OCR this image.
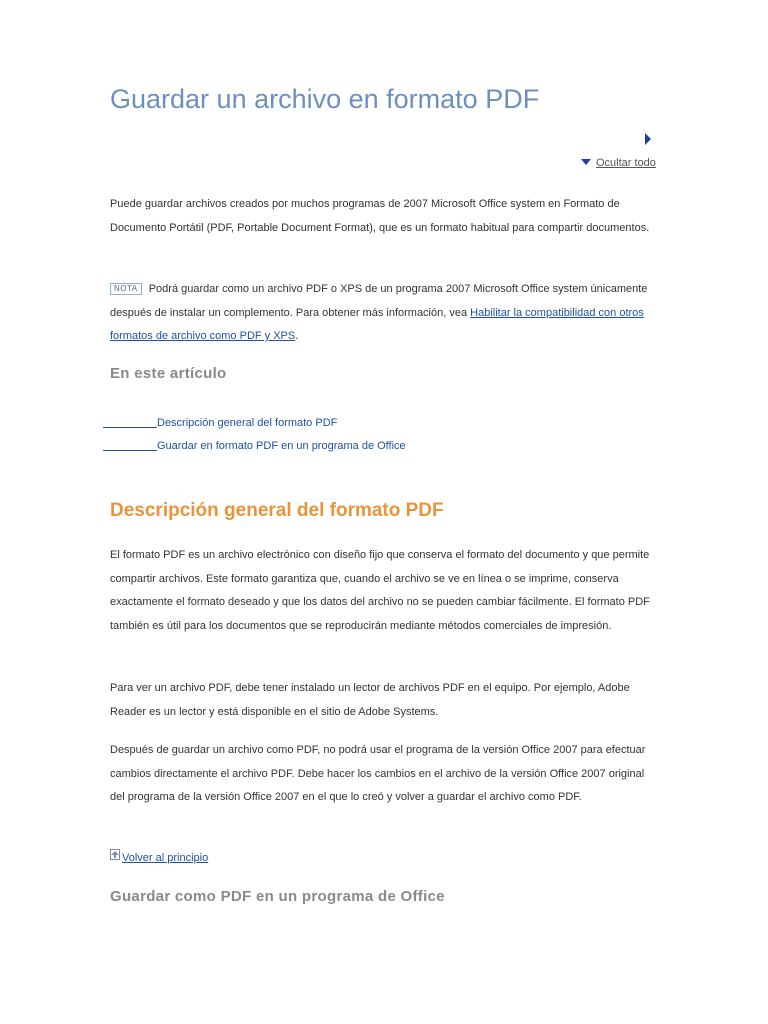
Guardar un archivo en formato PDF
Ocultar todo

Puede guardar archivos creados por muchos programas de 2007 Microsoft Office system en Formato de Documento Portátil (PDF, Portable Document Format), que es un formato habitual para compartir documentos.

NOTA Podrá guardar como un archivo PDF o XPS de un programa 2007 Microsoft Office system únicamente después de instalar un complemento. Para obtener más información, vea Habilitar la compatibilidad con otros formatos de archivo como PDF y XPS.

En este artículo
Descripción general del formato PDF
Guardar en formato PDF en un programa de Office
Descripción general del formato PDF

El formato PDF es un archivo electrónico con diseño fijo que conserva el formato del documento y que permite compartir archivos. Este formato garantiza que, cuando el archivo se ve en línea o se imprime, conserva exactamente el formato deseado y que los datos del archivo no se pueden cambiar fácilmente. El formato PDF también es útil para los documentos que se reproducirán mediante métodos comerciales de impresión.

Para ver un archivo PDF, debe tener instalado un lector de archivos PDF en el equipo. Por ejemplo, Adobe Reader es un lector y está disponible en el sitio de Adobe Systems.

Después de guardar un archivo como PDF, no podrá usar el programa de la versión Office 2007 para efectuar cambios directamente el archivo PDF. Debe hacer los cambios en el archivo de la versión Office 2007 original del programa de la versión Office 2007 en el que lo creó y volver a guardar el archivo como PDF.

Volver al principio
Guardar como PDF en un programa de Office
